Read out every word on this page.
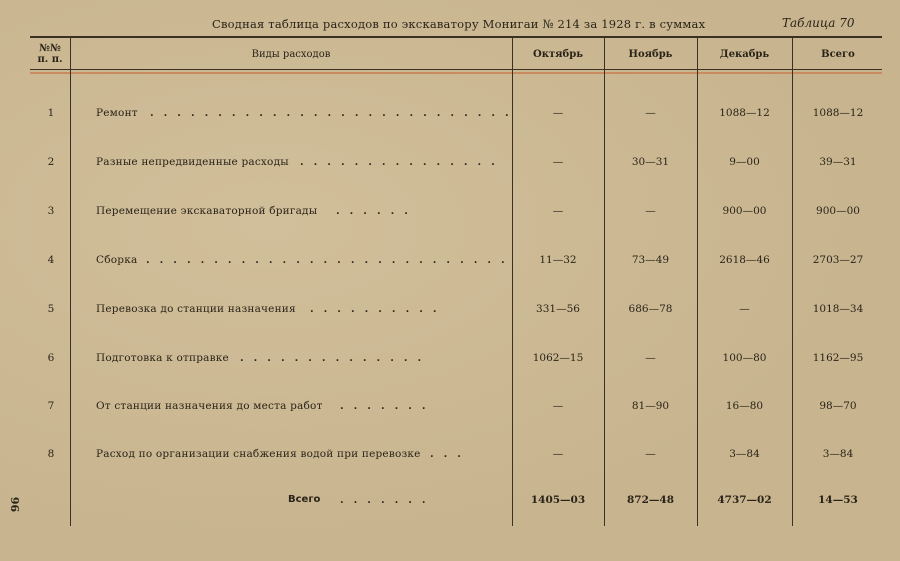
Сводная таблица расходов по экскаватору Монигаи № 214 за 1928 г. в суммах	Таблица 70
№№ п. п.	Виды расходов	Октябрь	Ноябрь	Декабрь	Всего
1	Ремонт ...........................	—	—	1088—12	1088—12
2	Разные непредвиденные расходы ...............	—	30—31	9—00	39—31
3	Перемещение экскаваторной бригады ......	—	—	900—00	900—00
4	Сборка ...........................	11—32	73—49	2618—46	2703—27
5	Перевозка до станции назначения ..........	331—56	686—78	—	1018—34
6	Подготовка к отправке ..............	1062—15	—	100—80	1162—95
7	От станции назначения до места работ .......	—	81—90	16—80	98—70
8	Расход по организации снабжения водой при перевозке ...	—	—	3—84	3—84
Всего .......	1405—03	872—48	4737—02	14—53
96
